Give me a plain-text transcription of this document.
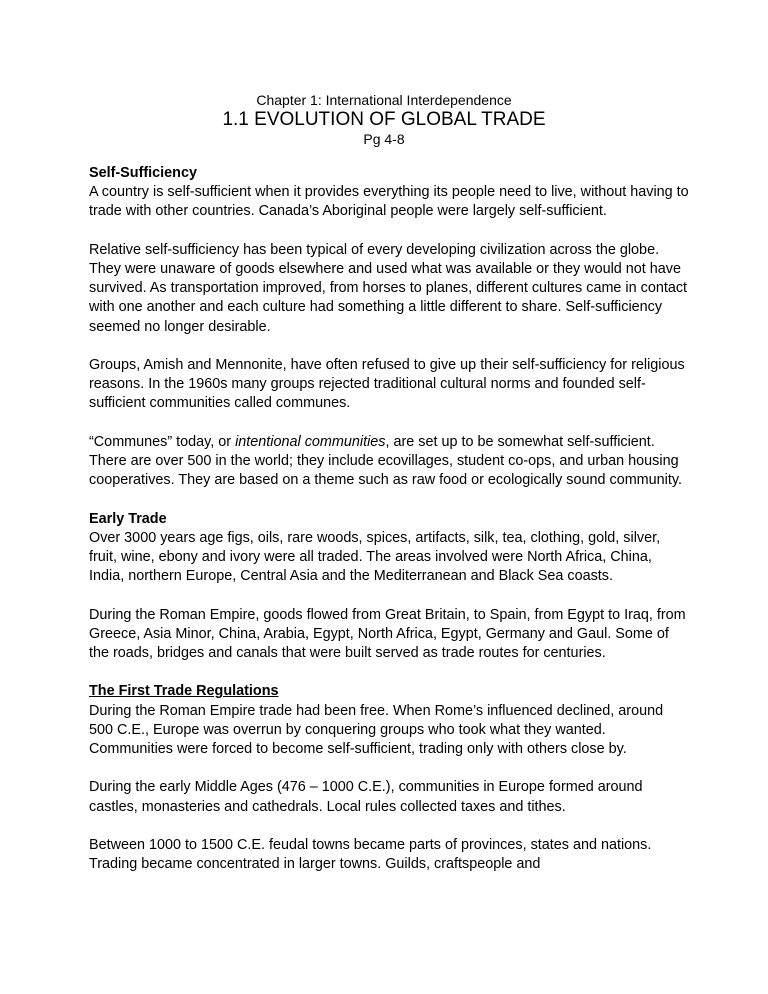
Chapter 1: International Interdependence

1.1 EVOLUTION OF GLOBAL TRADE

Pg 4-8

Self-Sufficiency

A country is self-sufficient when it provides everything its people need to live, without having to trade with other countries. Canada’s Aboriginal people were largely self-sufficient.

Relative self-sufficiency has been typical of every developing civilization across the globe. They were unaware of goods elsewhere and used what was available or they would not have survived. As transportation improved, from horses to planes, different cultures came in contact with one another and each culture had something a little different to share. Self-sufficiency seemed no longer desirable.

Groups, Amish and Mennonite, have often refused to give up their self-sufficiency for religious reasons. In the 1960s many groups rejected traditional cultural norms and founded self-sufficient communities called communes.

“Communes” today, or intentional communities, are set up to be somewhat self-sufficient. There are over 500 in the world; they include ecovillages, student co-ops, and urban housing cooperatives. They are based on a theme such as raw food or ecologically sound community.

Early Trade

Over 3000 years age figs, oils, rare woods, spices, artifacts, silk, tea, clothing, gold, silver, fruit, wine, ebony and ivory were all traded. The areas involved were North Africa, China, India, northern Europe, Central Asia and the Mediterranean and Black Sea coasts.

During the Roman Empire, goods flowed from Great Britain, to Spain, from Egypt to Iraq, from Greece, Asia Minor, China, Arabia, Egypt, North Africa, Egypt, Germany and Gaul. Some of the roads, bridges and canals that were built served as trade routes for centuries.

The First Trade Regulations

During the Roman Empire trade had been free. When Rome’s influenced declined, around 500 C.E., Europe was overrun by conquering groups who took what they wanted. Communities were forced to become self-sufficient, trading only with others close by.

During the early Middle Ages (476 – 1000 C.E.), communities in Europe formed around castles, monasteries and cathedrals. Local rules collected taxes and tithes.

Between 1000 to 1500 C.E. feudal towns became parts of provinces, states and nations. Trading became concentrated in larger towns. Guilds, craftspeople and
